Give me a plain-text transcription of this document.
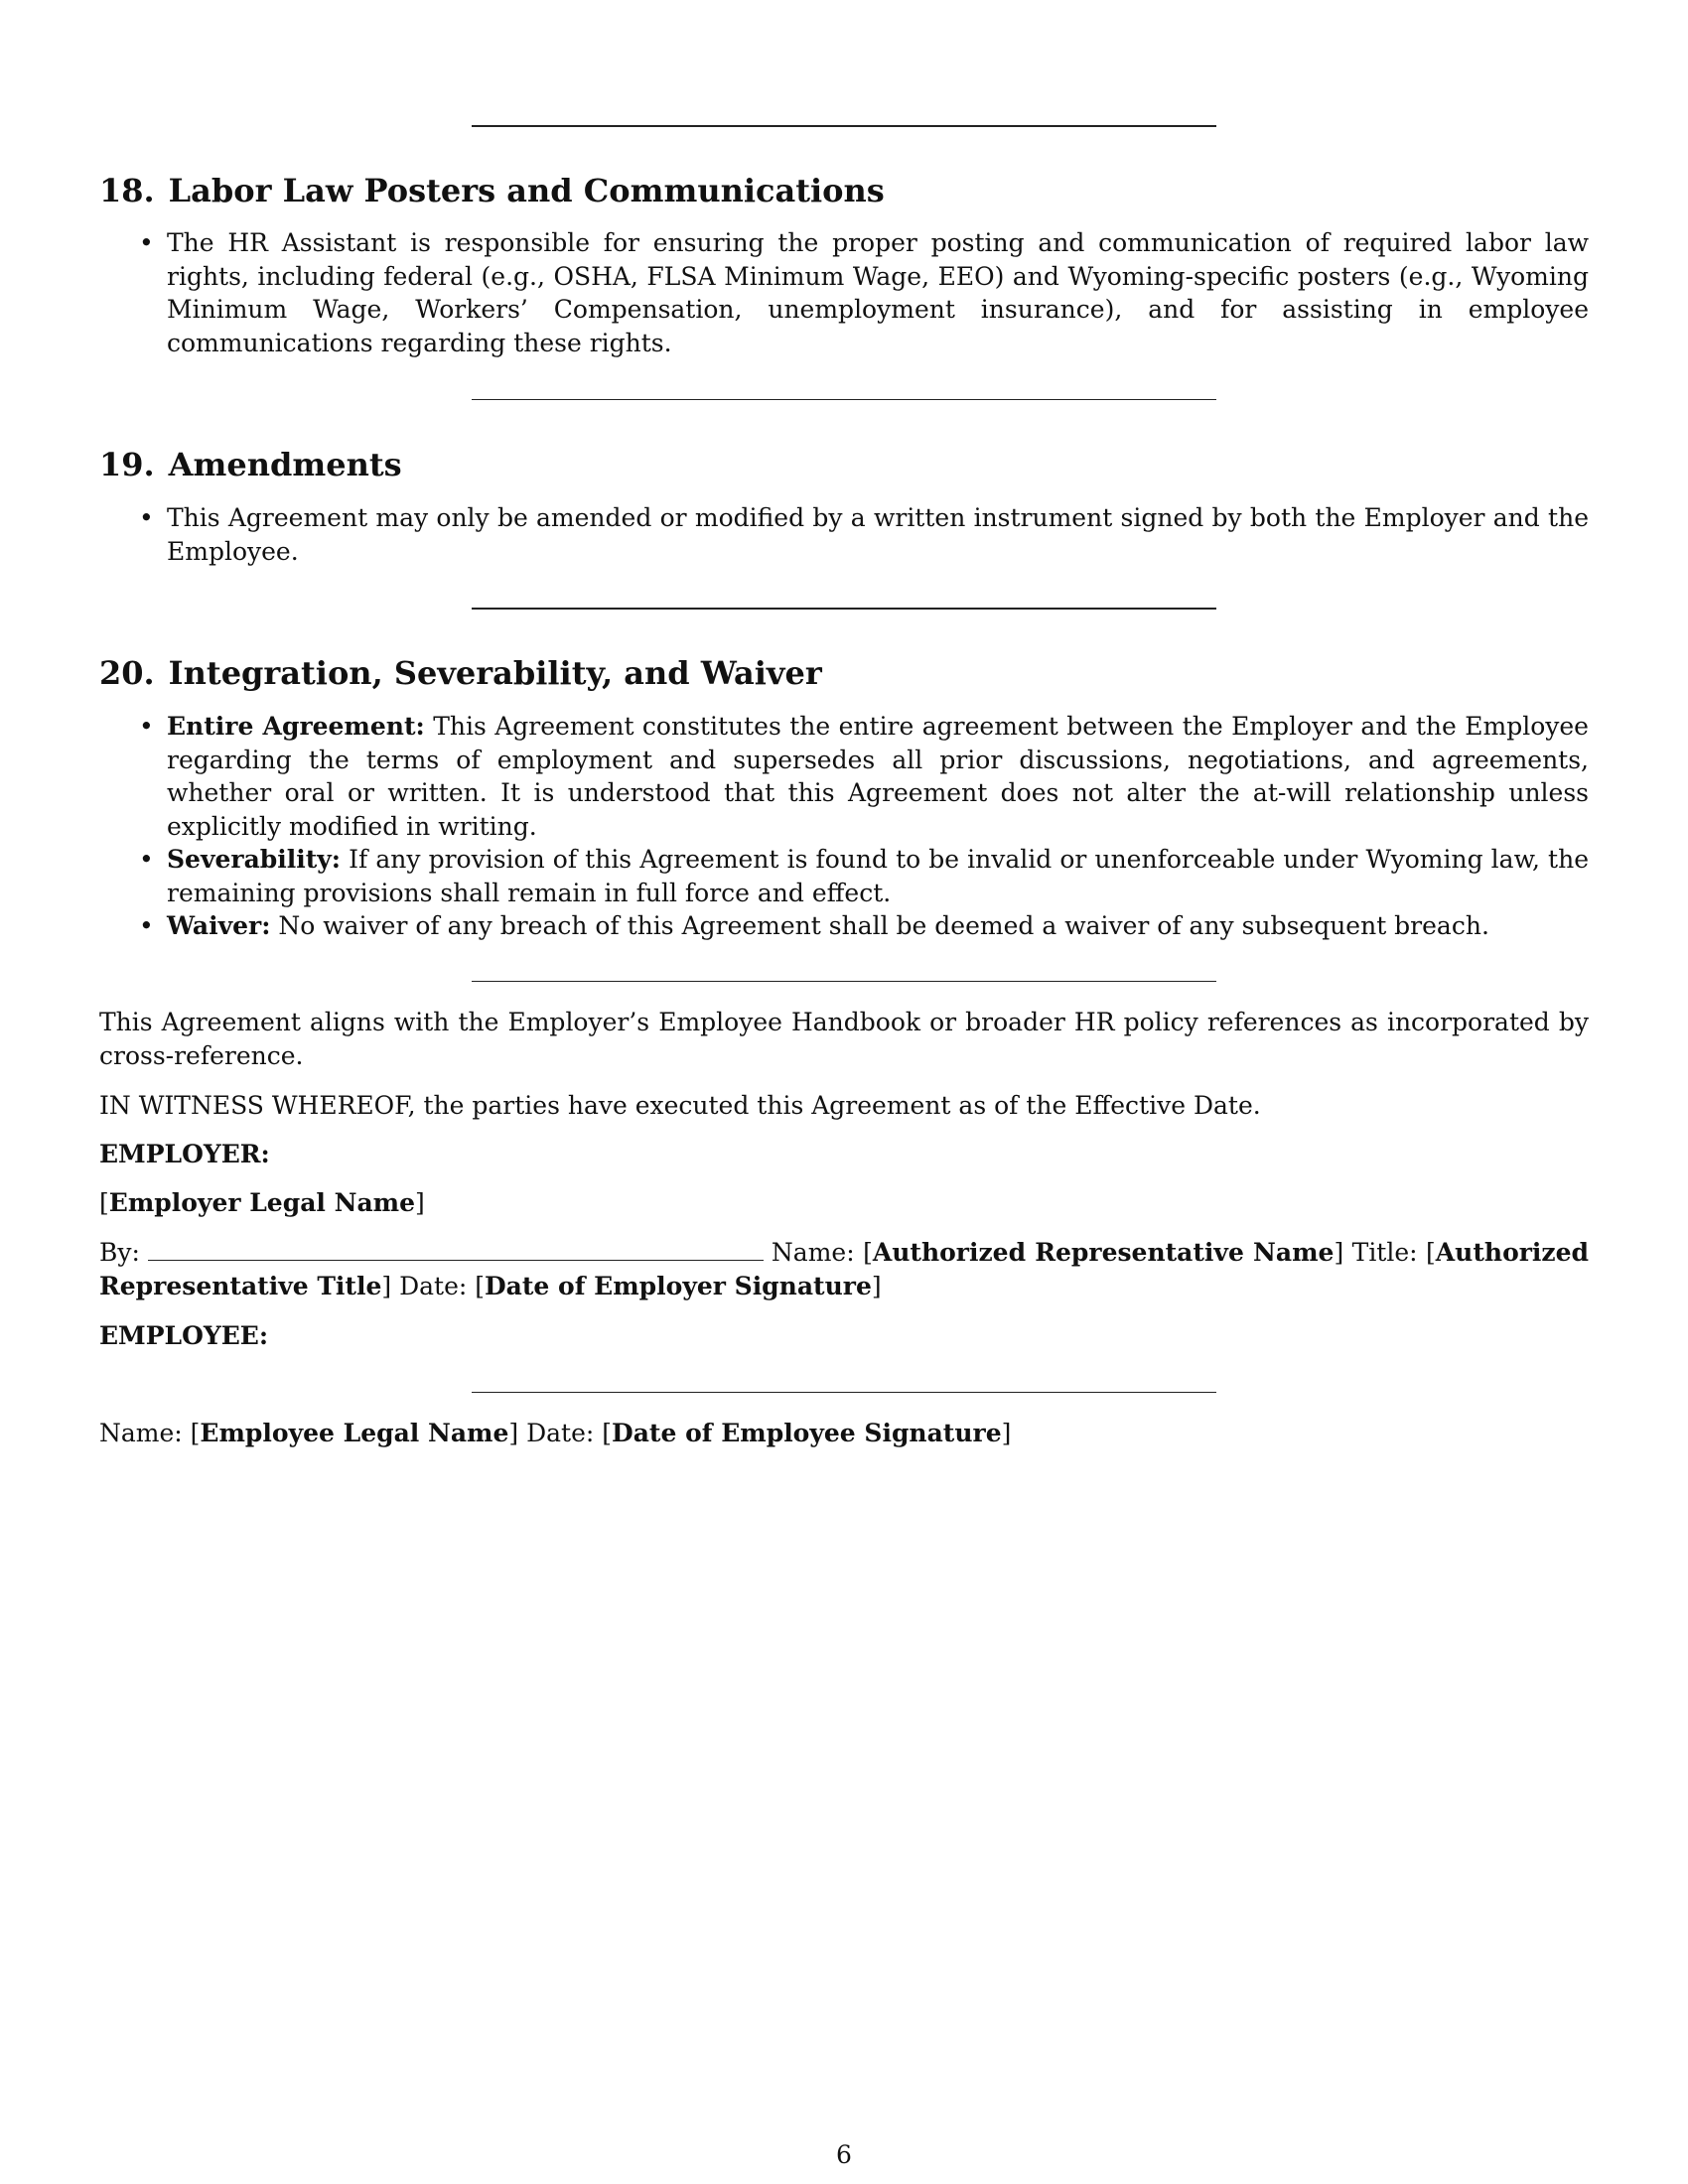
18. Labor Law Posters and Communications
• The HR Assistant is responsible for ensuring the proper posting and communication of required labor law rights, including federal (e.g., OSHA, FLSA Minimum Wage, EEO) and Wyoming-specific posters (e.g., Wyoming Minimum Wage, Workers’ Compensation, unemployment insurance), and for assisting in employee communications regarding these rights.
19. Amendments
• This Agreement may only be amended or modified by a written instrument signed by both the Employer and the Employee.
20. Integration, Severability, and Waiver
• Entire Agreement: This Agreement constitutes the entire agreement between the Employer and the Employee regarding the terms of employment and supersedes all prior discussions, negotiations, and agreements, whether oral or written. It is understood that this Agreement does not alter the at-will relationship unless explicitly modified in writing.
• Severability: If any provision of this Agreement is found to be invalid or unenforceable under Wyoming law, the remaining provisions shall remain in full force and effect.
• Waiver: No waiver of any breach of this Agreement shall be deemed a waiver of any subsequent breach.

This Agreement aligns with the Employer’s Employee Handbook or broader HR policy references as incorporated by cross-reference.

IN WITNESS WHEREOF, the parties have executed this Agreement as of the Effective Date.

EMPLOYER:

[Employer Legal Name]

By:	Name: [Authorized Representative Name] Title: [Authorized Representative Title] Date: [Date of Employer Signature]

EMPLOYEE:

Name: [Employee Legal Name] Date: [Date of Employee Signature]

6
